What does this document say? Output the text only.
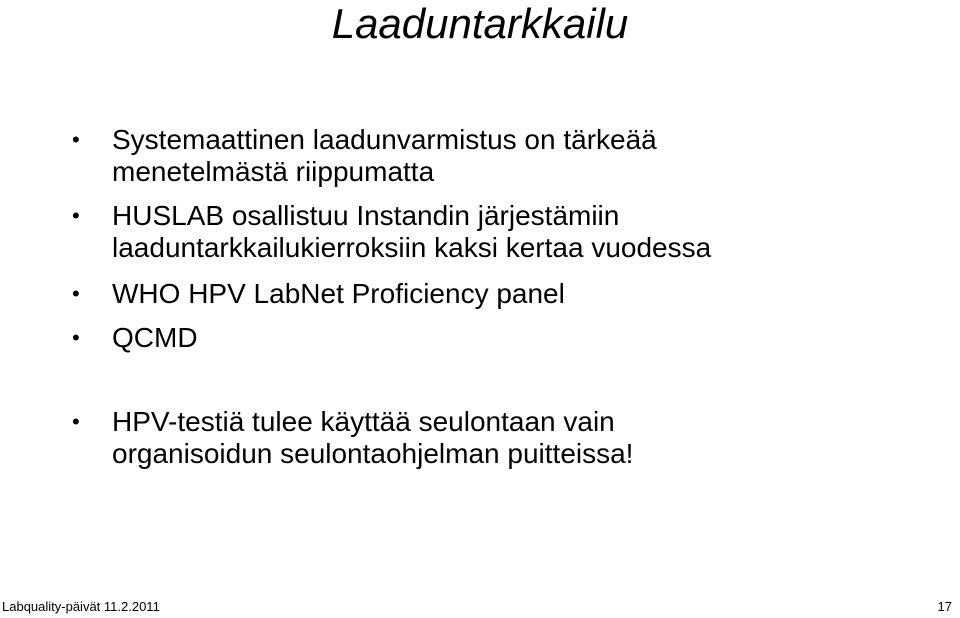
Laaduntarkkailu
•	Systemaattinen laadunvarmistus on tärkeää
menetelmästä riippumatta
•	HUSLAB osallistuu Instandin järjestämiin
laaduntarkkailukierroksiin kaksi kertaa vuodessa
•	WHO HPV LabNet Proficiency panel
•	QCMD
•	HPV-testiä tulee käyttää seulontaan vain
organisoidun seulontaohjelman puitteissa!
Labquality-päivät 11.2.2011	17
